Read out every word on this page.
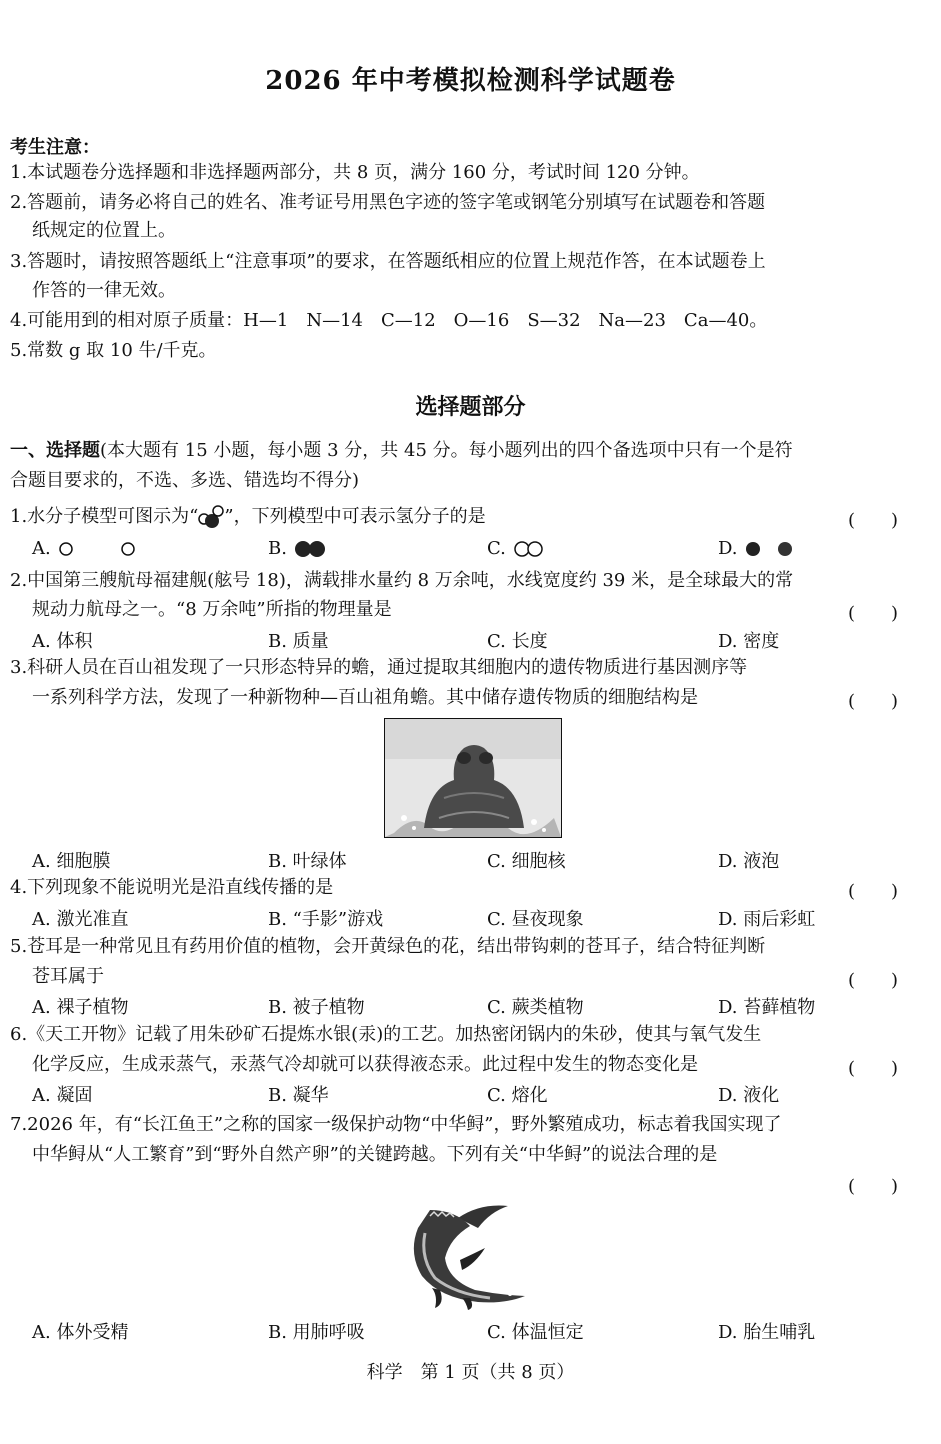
2026 年中考模拟检测科学试题卷
考生注意：
1.本试题卷分选择题和非选择题两部分，共 8 页，满分 160 分，考试时间 120 分钟。
2.答题前，请务必将自己的姓名、准考证号用黑色字迹的签字笔或钢笔分别填写在试题卷和答题
纸规定的位置上。
3.答题时，请按照答题纸上“注意事项”的要求，在答题纸相应的位置上规范作答，在本试题卷上
作答的一律无效。
4.可能用到的相对原子质量：H—1　N—14　C—12　O—16　S—32　Na—23　Ca—40。
5.常数 g 取 10 牛/千克。
选择题部分
一、选择题(本大题有 15 小题，每小题 3 分，共 45 分。每小题列出的四个备选项中只有一个是符
合题目要求的，不选、多选、错选均不得分)
1.水分子模型可图示为“ ”，下列模型中可表示氢分子的是	(　　)
A.	B.	C.	D.
2.中国第三艘航母福建舰(舷号 18)，满载排水量约 8 万余吨，水线宽度约 39 米，是全球最大的常
规动力航母之一。“8 万余吨”所指的物理量是	(　　)
A. 体积	B. 质量	C. 长度	D. 密度
3.科研人员在百山祖发现了一只形态特异的蟾，通过提取其细胞内的遗传物质进行基因测序等
一系列科学方法，发现了一种新物种—百山祖角蟾。其中储存遗传物质的细胞结构是	(　　)
A. 细胞膜	B. 叶绿体	C. 细胞核	D. 液泡
4.下列现象不能说明光是沿直线传播的是	(　　)
A. 激光准直	B. “手影”游戏	C. 昼夜现象	D. 雨后彩虹
5.苍耳是一种常见且有药用价值的植物，会开黄绿色的花，结出带钩刺的苍耳子，结合特征判断
苍耳属于	(　　)
A. 裸子植物	B. 被子植物	C. 蕨类植物	D. 苔藓植物
6.《天工开物》记载了用朱砂矿石提炼水银(汞)的工艺。加热密闭锅内的朱砂，使其与氧气发生
化学反应，生成汞蒸气，汞蒸气冷却就可以获得液态汞。此过程中发生的物态变化是	(　　)
A. 凝固	B. 凝华	C. 熔化	D. 液化
7.2026 年，有“长江鱼王”之称的国家一级保护动物“中华鲟”，野外繁殖成功，标志着我国实现了
中华鲟从“人工繁育”到“野外自然产卵”的关键跨越。下列有关“中华鲟”的说法合理的是
(　　)
A. 体外受精	B. 用肺呼吸	C. 体温恒定	D. 胎生哺乳
科学　第 1 页（共 8 页）
